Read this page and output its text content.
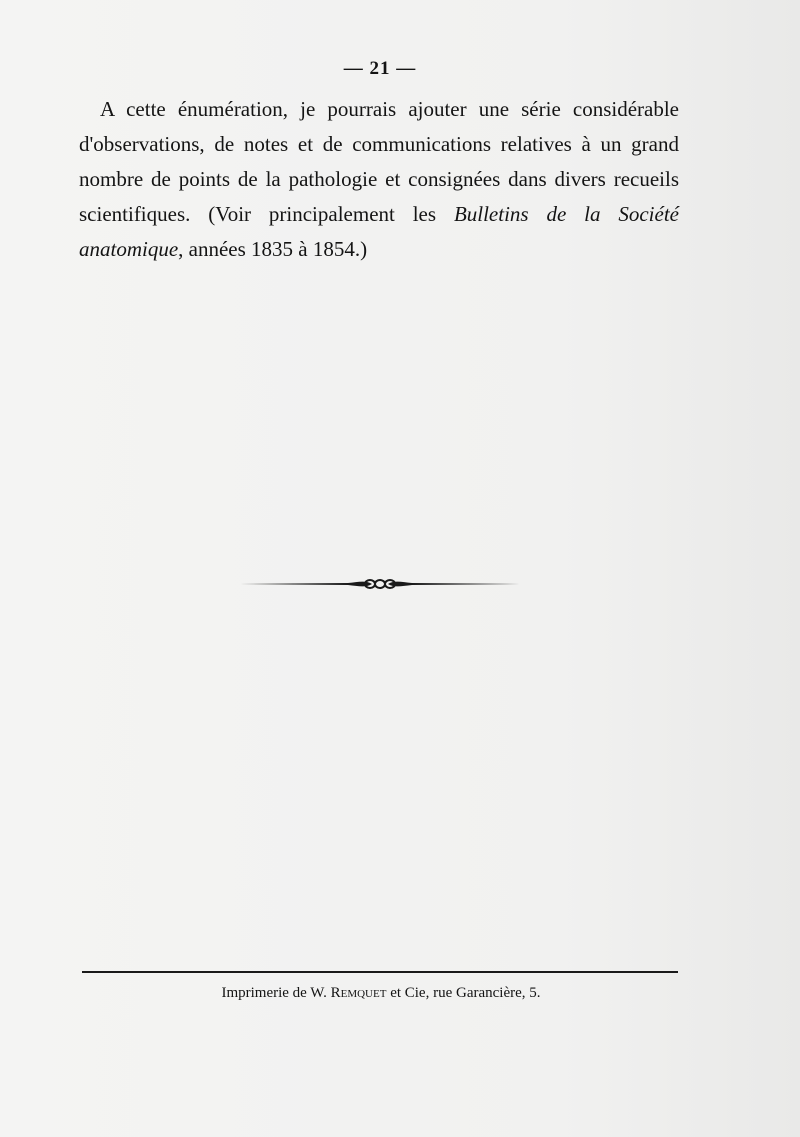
— 21 —

A cette énumération, je pourrais ajouter une série considérable d'observations, de notes et de communications relatives à un grand nombre de points de la pathologie et consignées dans divers recueils scientifiques. (Voir principalement les Bulletins de la Société anatomique, années 1835 à 1854.)

Imprimerie de W. Remquet et Cie, rue Garancière, 5.
